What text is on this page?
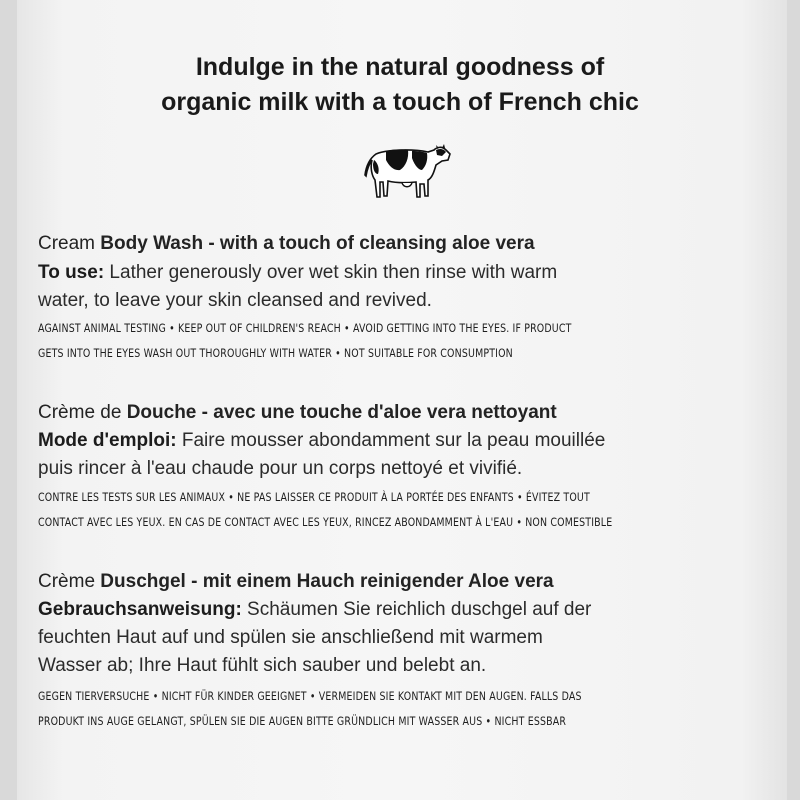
Indulge in the natural goodness of
organic milk with a touch of French chic
Cream Body Wash - with a touch of cleansing aloe vera
To use: Lather generously over wet skin then rinse with warm
water, to leave your skin cleansed and revived.
AGAINST ANIMAL TESTING • KEEP OUT OF CHILDREN'S REACH • AVOID GETTING INTO THE EYES. IF PRODUCT
GETS INTO THE EYES WASH OUT THOROUGHLY WITH WATER • NOT SUITABLE FOR CONSUMPTION
Crème de Douche - avec une touche d'aloe vera nettoyant
Mode d'emploi: Faire mousser abondamment sur la peau mouillée
puis rincer à l'eau chaude pour un corps nettoyé et vivifié.
CONTRE LES TESTS SUR LES ANIMAUX • NE PAS LAISSER CE PRODUIT À LA PORTÉE DES ENFANTS • ÉVITEZ TOUT
CONTACT AVEC LES YEUX. EN CAS DE CONTACT AVEC LES YEUX, RINCEZ ABONDAMMENT À L'EAU • NON COMESTIBLE
Crème Duschgel - mit einem Hauch reinigender Aloe vera
Gebrauchsanweisung: Schäumen Sie reichlich duschgel auf der
feuchten Haut auf und spülen sie anschließend mit warmem
Wasser ab; Ihre Haut fühlt sich sauber und belebt an.
GEGEN TIERVERSUCHE • NICHT FÜR KINDER GEEIGNET • VERMEIDEN SIE KONTAKT MIT DEN AUGEN. FALLS DAS
PRODUKT INS AUGE GELANGT, SPÜLEN SIE DIE AUGEN BITTE GRÜNDLICH MIT WASSER AUS • NICHT ESSBAR
